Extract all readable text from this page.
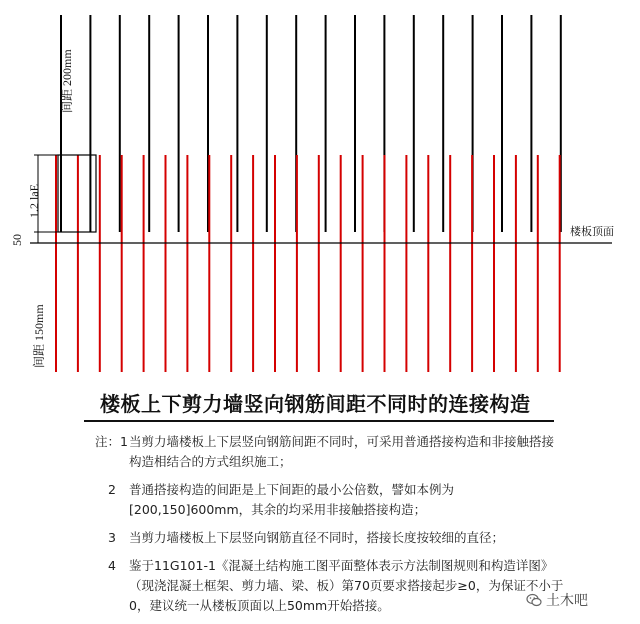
间距 200mm
1.2 laE
50
间距 150mm
楼板顶面
楼板上下剪力墙竖向钢筋间距不同时的连接构造
注：1 当剪力墙楼板上下层竖向钢筋间距不同时，可采用普通搭接构造和非接触搭接构造相结合的方式组织施工；
2 普通搭接构造的间距是上下间距的最小公倍数，譬如本例为[200,150]600mm，其余的均采用非接触搭接构造；
3 当剪力墙楼板上下层竖向钢筋直径不同时，搭接长度按较细的直径；
4 鉴于11G101-1《混凝土结构施工图平面整体表示方法制图规则和构造详图》（现浇混凝土框架、剪力墙、梁、板）第70页要求搭接起步≥0，为保证不小于0，建议统一从楼板顶面以上50mm开始搭接。	土木吧
